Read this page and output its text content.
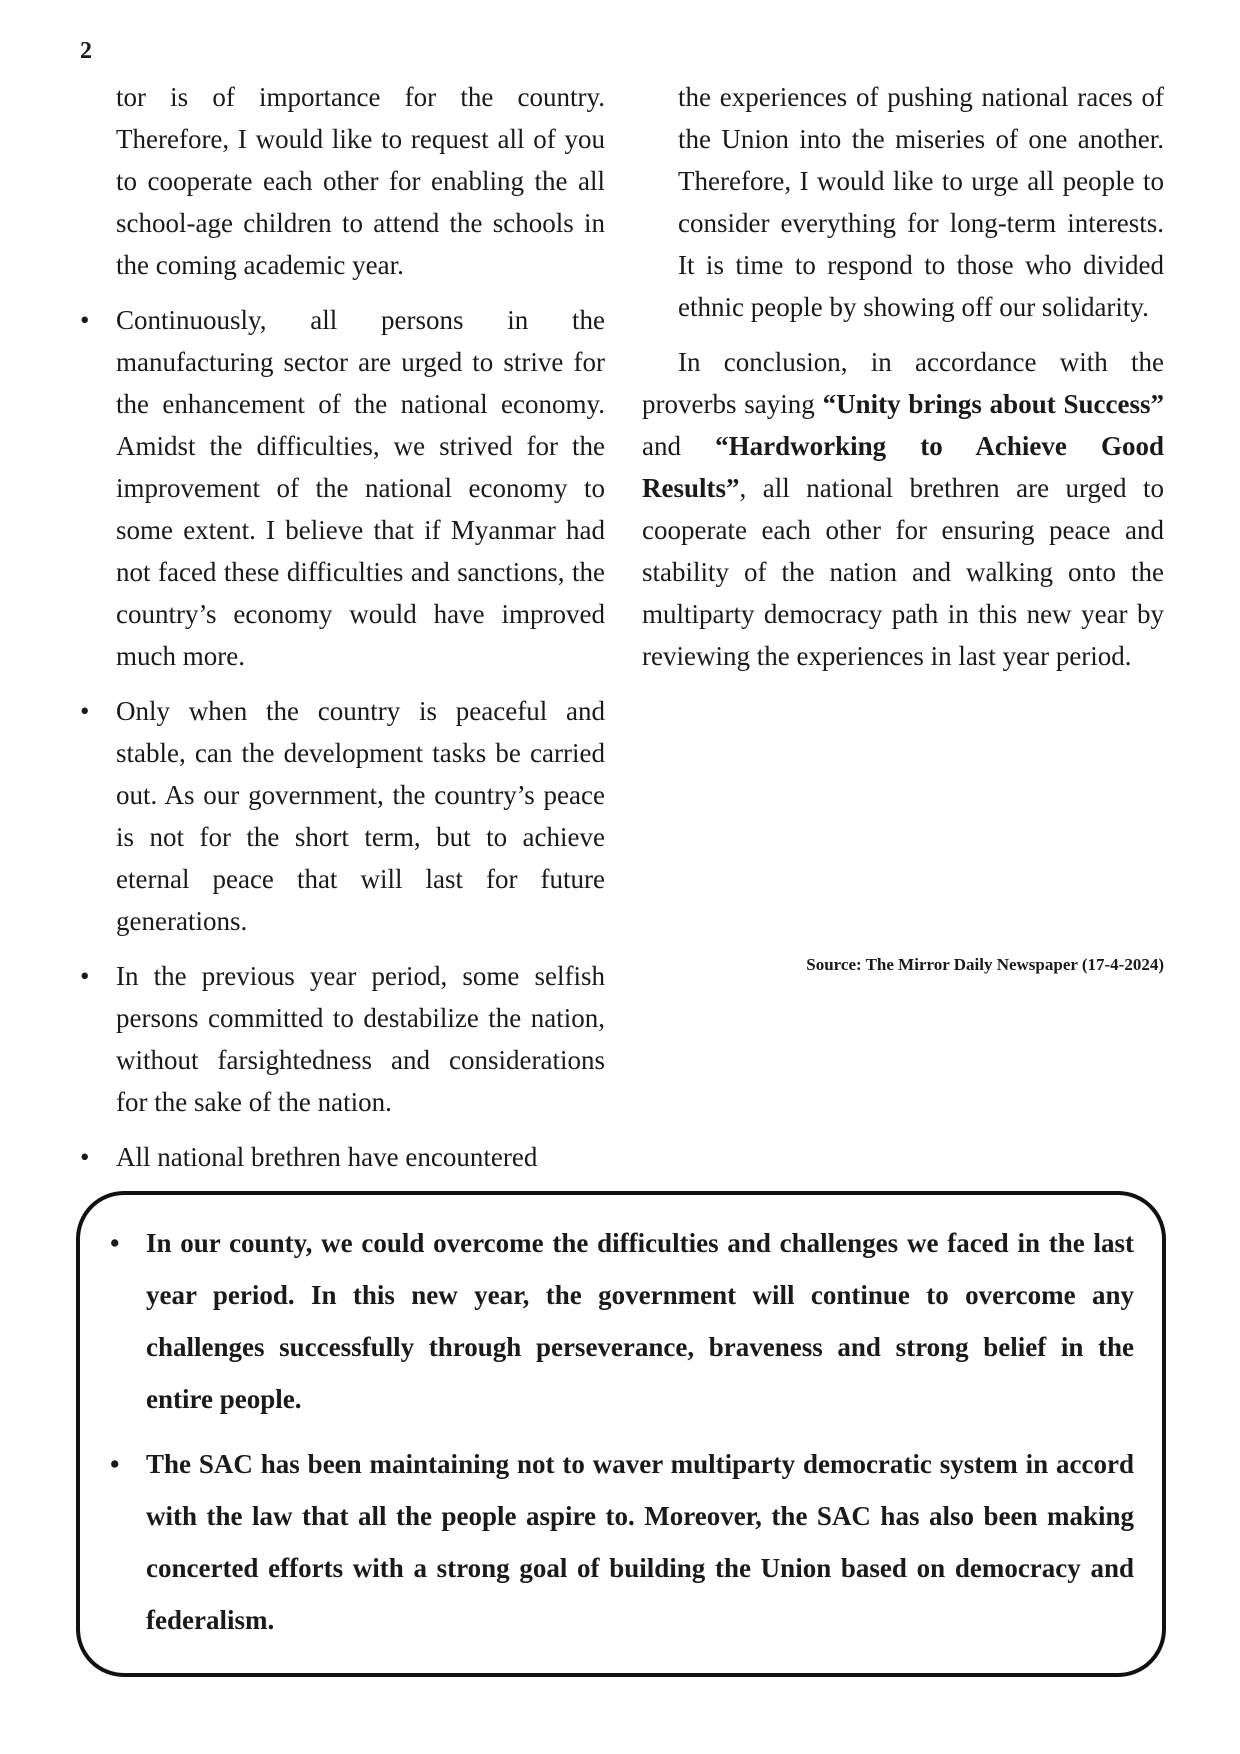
2

tor is of importance for the country. Therefore, I would like to request all of you to cooperate each other for enabling the all school-age children to attend the schools in the coming academic year.

• Continuously, all persons in the manufacturing sector are urged to strive for the enhancement of the national economy. Amidst the difficulties, we strived for the improvement of the national economy to some extent. I believe that if Myanmar had not faced these difficulties and sanctions, the country’s economy would have improved much more.
• Only when the country is peaceful and stable, can the development tasks be carried out. As our government, the country’s peace is not for the short term, but to achieve eternal peace that will last for future generations.
• In the previous year period, some selfish persons committed to destabilize the nation, without farsightedness and considerations for the sake of the nation.
• All national brethren have encountered

the experiences of pushing national races of the Union into the miseries of one another. Therefore, I would like to urge all people to consider everything for long-term interests. It is time to respond to those who divided ethnic people by showing off our solidarity.

In conclusion, in accordance with the proverbs saying “Unity brings about Success” and “Hardworking to Achieve Good Results”, all national brethren are urged to cooperate each other for ensuring peace and stability of the nation and walking onto the multiparty democracy path in this new year by reviewing the experiences in last year period.

Source: The Mirror Daily Newspaper (17-4-2024)
• In our county, we could overcome the difficulties and challenges we faced in the last year period. In this new year, the government will continue to overcome any challenges successfully through perseverance, braveness and strong belief in the entire people.
• The SAC has been maintaining not to waver multiparty democratic system in accord with the law that all the people aspire to. Moreover, the SAC has also been making concerted efforts with a strong goal of building the Union based on democracy and federalism.
